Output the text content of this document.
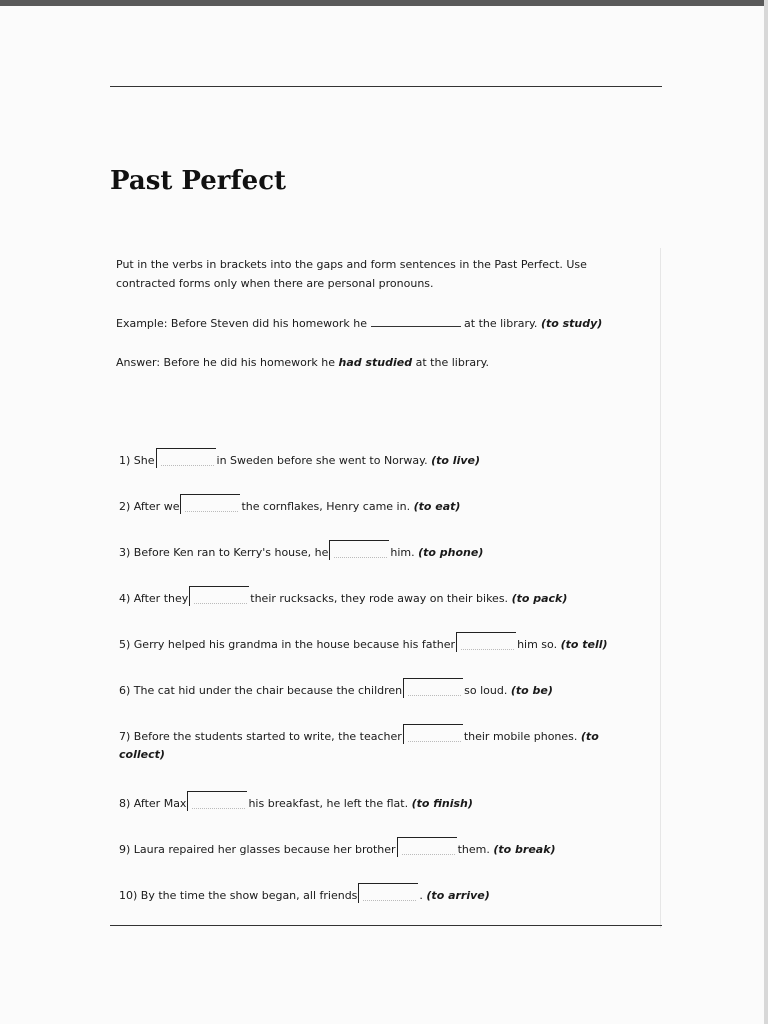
Past Perfect
Put in the verbs in brackets into the gaps and form sentences in the Past Perfect. Use contracted forms only when there are personal pronouns.
Example: Before Steven did his homework he	at the library. (to study)
Answer: Before he did his homework he had studied at the library.
1) She	in Sweden before she went to Norway. (to live)
2) After we	the cornflakes, Henry came in. (to eat)
3) Before Ken ran to Kerry's house, he	him. (to phone)
4) After they	their rucksacks, they rode away on their bikes. (to pack)
5) Gerry helped his grandma in the house because his father	him so. (to tell)
6) The cat hid under the chair because the children	so loud. (to be)
7) Before the students started to write, the teacher	their mobile phones. (to
collect)
8) After Max	his breakfast, he left the flat. (to finish)
9) Laura repaired her glasses because her brother	them. (to break)
10) By the time the show began, all friends	. (to arrive)
